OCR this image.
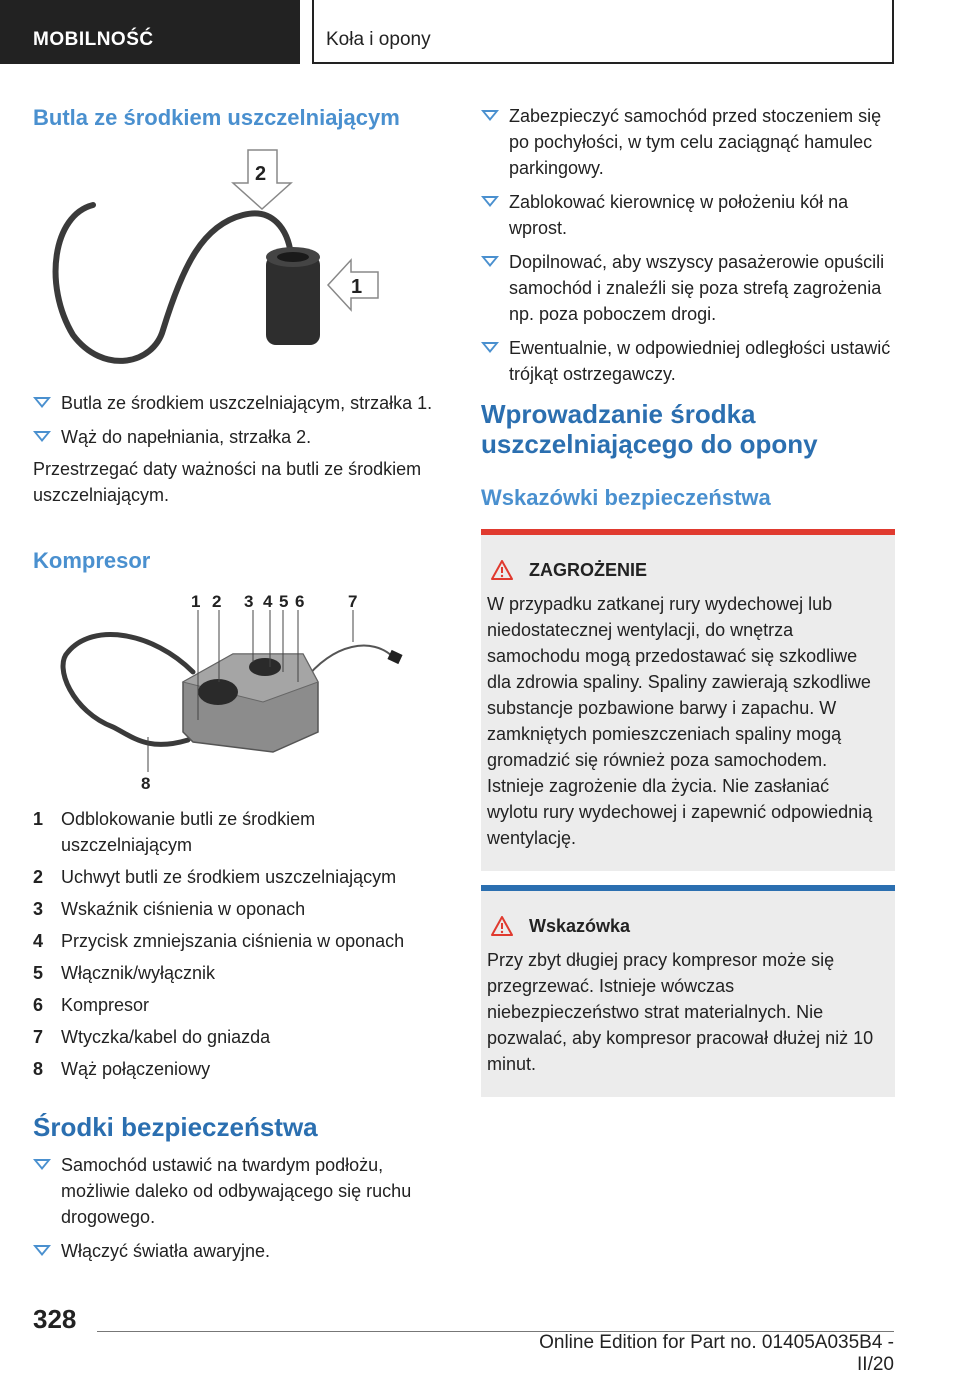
MOBILNOŚĆ	Koła i opony
Butla ze środkiem uszczelniającym
2
1
Butla ze środkiem uszczelniającym, strzałka 1.
Wąż do napełniania, strzałka 2.

Przestrzegać daty ważności na butli ze środkiem uszczelniającym.

Kompresor
1 2 3 4 5 6	7
8
1 Odblokowanie butli ze środkiem uszczelniającym
2 Uchwyt butli ze środkiem uszczelniającym
3 Wskaźnik ciśnienia w oponach
4 Przycisk zmniejszania ciśnienia w oponach
5 Włącznik/wyłącznik
6 Kompresor
7 Wtyczka/kabel do gniazda
8 Wąż połączeniowy
Środki bezpieczeństwa
Samochód ustawić na twardym podłożu, możliwie daleko od odbywającego się ruchu drogowego.
Włączyć światła awaryjne.
Zabezpieczyć samochód przed stoczeniem się po pochyłości, w tym celu zaciągnąć hamulec parkingowy.
Zablokować kierownicę w położeniu kół na wprost.
Dopilnować, aby wszyscy pasażerowie opuścili samochód i znaleźli się poza strefą zagrożenia np. poza poboczem drogi.
Ewentualnie, w odpowiedniej odległości ustawić trójkąt ostrzegawczy.
Wprowadzanie środka uszczelniającego do opony
Wskazówki bezpieczeństwa
ZAGROŻENIE

W przypadku zatkanej rury wydechowej lub niedostatecznej wentylacji, do wnętrza samochodu mogą przedostawać się szkodliwe dla zdrowia spaliny. Spaliny zawierają szkodliwe substancje pozbawione barwy i zapachu. W zamkniętych pomieszczeniach spaliny mogą gromadzić się również poza samochodem. Istnieje zagrożenie dla życia. Nie zasłaniać wylotu rury wydechowej i zapewnić odpowiednią wentylację.

Wskazówka

Przy zbyt długiej pracy kompresor może się przegrzewać. Istnieje wówczas niebezpieczeństwo strat materialnych. Nie pozwalać, aby kompresor pracował dłużej niż 10 minut.

328
Online Edition for Part no. 01405A035B4 - II/20
